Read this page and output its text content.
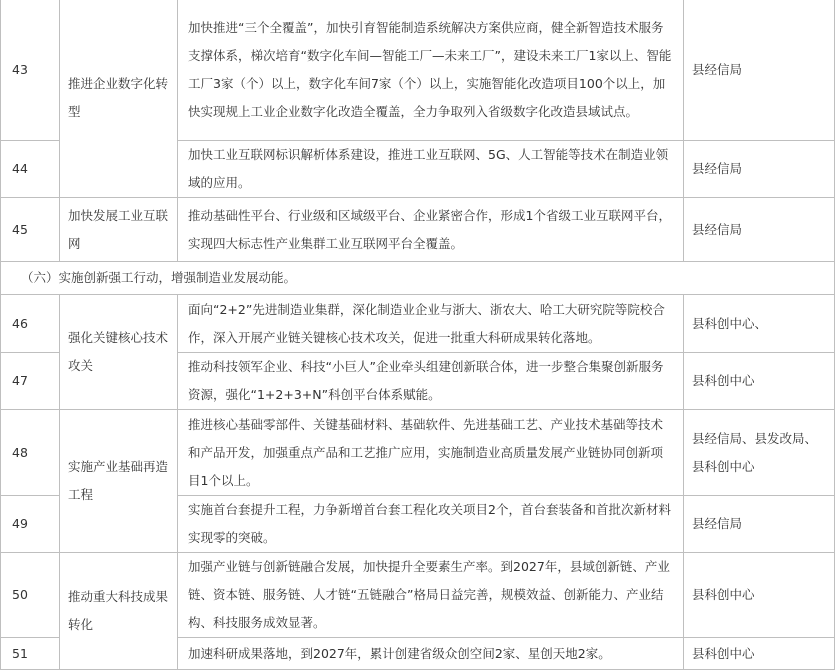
43	推进企业数字化转型	加快推进“三个全覆盖”，加快引育智能制造系统解决方案供应商，健全新智造技术服务支撑体系，梯次培育“数字化车间—智能工厂—未来工厂”，建设未来工厂1家以上、智能工厂3家（个）以上，数字化车间7家（个）以上，实施智能化改造项目100个以上，加快实现规上工业企业数字化改造全覆盖，全力争取列入省级数字化改造县域试点。	县经信局
44		加快工业互联网标识解析体系建设，推进工业互联网、5G、人工智能等技术在制造业领域的应用。	县经信局
45	加快发展工业互联网	推动基础性平台、行业级和区域级平台、企业紧密合作，形成1个省级工业互联网平台，实现四大标志性产业集群工业互联网平台全覆盖。	县经信局
（六）实施创新强工行动，增强制造业发展动能。			
46	强化关键核心技术攻关	面向“2+2”先进制造业集群，深化制造业企业与浙大、浙农大、哈工大研究院等院校合作，深入开展产业链关键核心技术攻关，促进一批重大科研成果转化落地。	县科创中心、
47		推动科技领军企业、科技“小巨人”企业牵头组建创新联合体，进一步整合集聚创新服务资源，强化“1+2+3+N”科创平台体系赋能。	县科创中心
48	实施产业基础再造工程	推进核心基础零部件、关键基础材料、基础软件、先进基础工艺、产业技术基础等技术和产品开发，加强重点产品和工艺推广应用，实施制造业高质量发展产业链协同创新项目1个以上。	县经信局、县发改局、县科创中心
49		实施首台套提升工程，力争新增首台套工程化攻关项目2个，首台套装备和首批次新材料实现零的突破。	县经信局
50	推动重大科技成果转化	加强产业链与创新链融合发展，加快提升全要素生产率。到2027年，县域创新链、产业链、资本链、服务链、人才链“五链融合”格局日益完善，规模效益、创新能力、产业结构、科技服务成效显著。	县科创中心
51		加速科研成果落地，到2027年，累计创建省级众创空间2家、星创天地2家。	县科创中心
